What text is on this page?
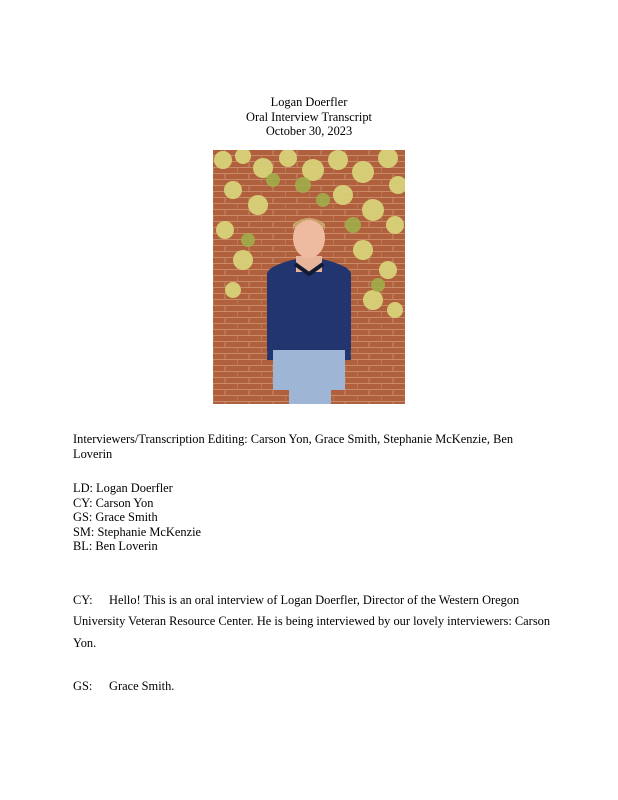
Logan Doerfler
Oral Interview Transcript
October 30, 2023
Interviewers/Transcription Editing: Carson Yon, Grace Smith, Stephanie McKenzie, Ben Loverin
LD: Logan Doerfler
CY: Carson Yon
GS: Grace Smith
SM: Stephanie McKenzie
BL: Ben Loverin
CY: Hello! This is an oral interview of Logan Doerfler, Director of the Western Oregon
University Veteran Resource Center. He is being interviewed by our lovely interviewers: Carson
Yon.
GS: Grace Smith.
